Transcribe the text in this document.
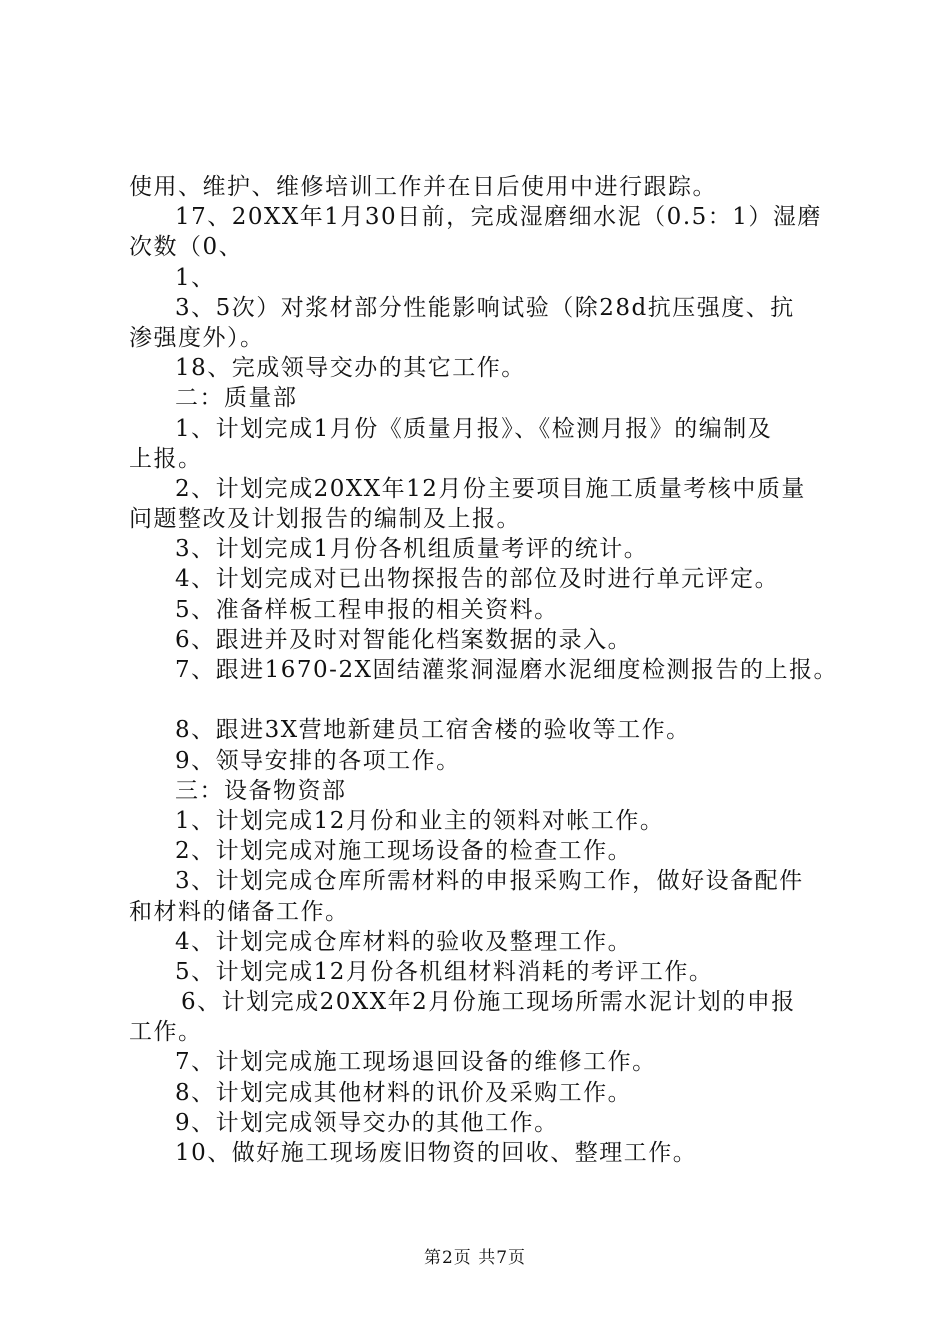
使用、维护、维修培训工作并在日后使用中进行跟踪。
17、20XX年1月30日前，完成湿磨细水泥（0.5：1）湿磨
次数（0、
1、
3、5次）对浆材部分性能影响试验（除28d抗压强度、抗
渗强度外）。
18、完成领导交办的其它工作。
二：质量部
1、计划完成1月份《质量月报》、《检测月报》的编制及
上报。
2、计划完成20XX年12月份主要项目施工质量考核中质量
问题整改及计划报告的编制及上报。
3、计划完成1月份各机组质量考评的统计。
4、计划完成对已出物探报告的部位及时进行单元评定。
5、准备样板工程申报的相关资料。
6、跟进并及时对智能化档案数据的录入。
7、跟进1670-2X固结灌浆洞湿磨水泥细度检测报告的上报。
8、跟进3X营地新建员工宿舍楼的验收等工作。
9、领导安排的各项工作。
三：设备物资部
1、计划完成12月份和业主的领料对帐工作。
2、计划完成对施工现场设备的检查工作。
3、计划完成仓库所需材料的申报采购工作，做好设备配件
和材料的储备工作。
4、计划完成仓库材料的验收及整理工作。
5、计划完成12月份各机组材料消耗的考评工作。
6、计划完成20XX年2月份施工现场所需水泥计划的申报
工作。
7、计划完成施工现场退回设备的维修工作。
8、计划完成其他材料的讯价及采购工作。
9、计划完成领导交办的其他工作。
10、做好施工现场废旧物资的回收、整理工作。
第2页 共7页
